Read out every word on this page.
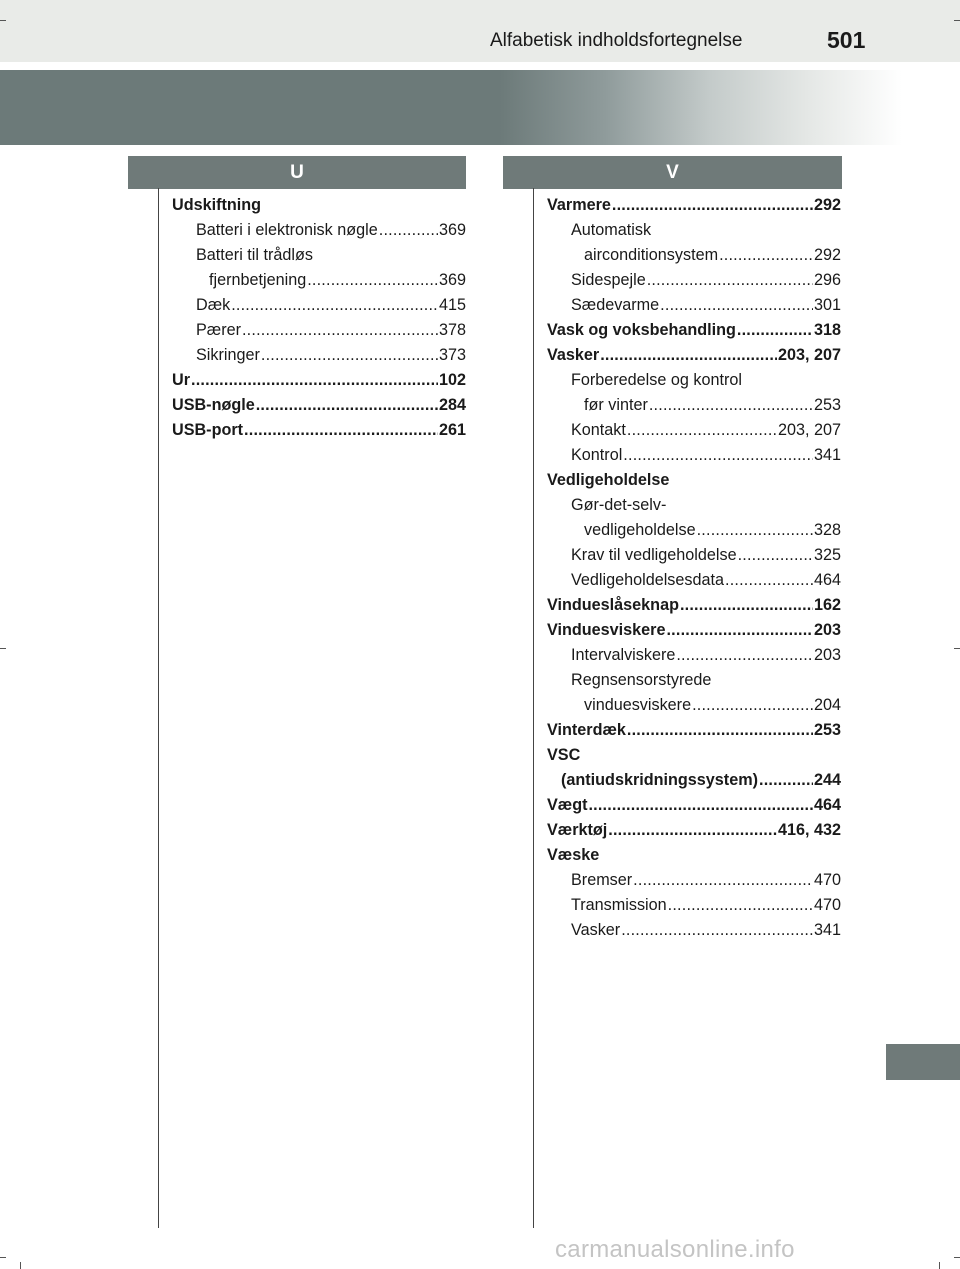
Alfabetisk indholdsfortegnelse	501
U	V
Udskiftning
Batteri i elektronisk nøgle .....	369
Batteri til trådløs
fjernbetjening .....	369
Dæk .....	415
Pærer .....	378
Sikringer .....	373
Ur .....	102
USB-nøgle .....	284
USB-port .....	261
Varmere .....	292
Automatisk
airconditionsystem .....	292
Sidespejle .....	296
Sædevarme .....	301
Vask og voksbehandling .....	318
Vasker .....	203, 207
Forberedelse og kontrol
før vinter .....	253
Kontakt .....	203, 207
Kontrol .....	341
Vedligeholdelse
Gør-det-selv-
vedligeholdelse .....	328
Krav til vedligeholdelse .....	325
Vedligeholdelsesdata .....	464
Vindueslåseknap .....	162
Vinduesviskere .....	203
Intervalviskere .....	203
Regnsensorstyrede
vinduesviskere .....	204
Vinterdæk .....	253
VSC
(antiudskridningssystem) .....	244
Vægt .....	464
Værktøj .....	416, 432
Væske
Bremser .....	470
Transmission .....	470
Vasker .....	341
carmanualsonline.info
